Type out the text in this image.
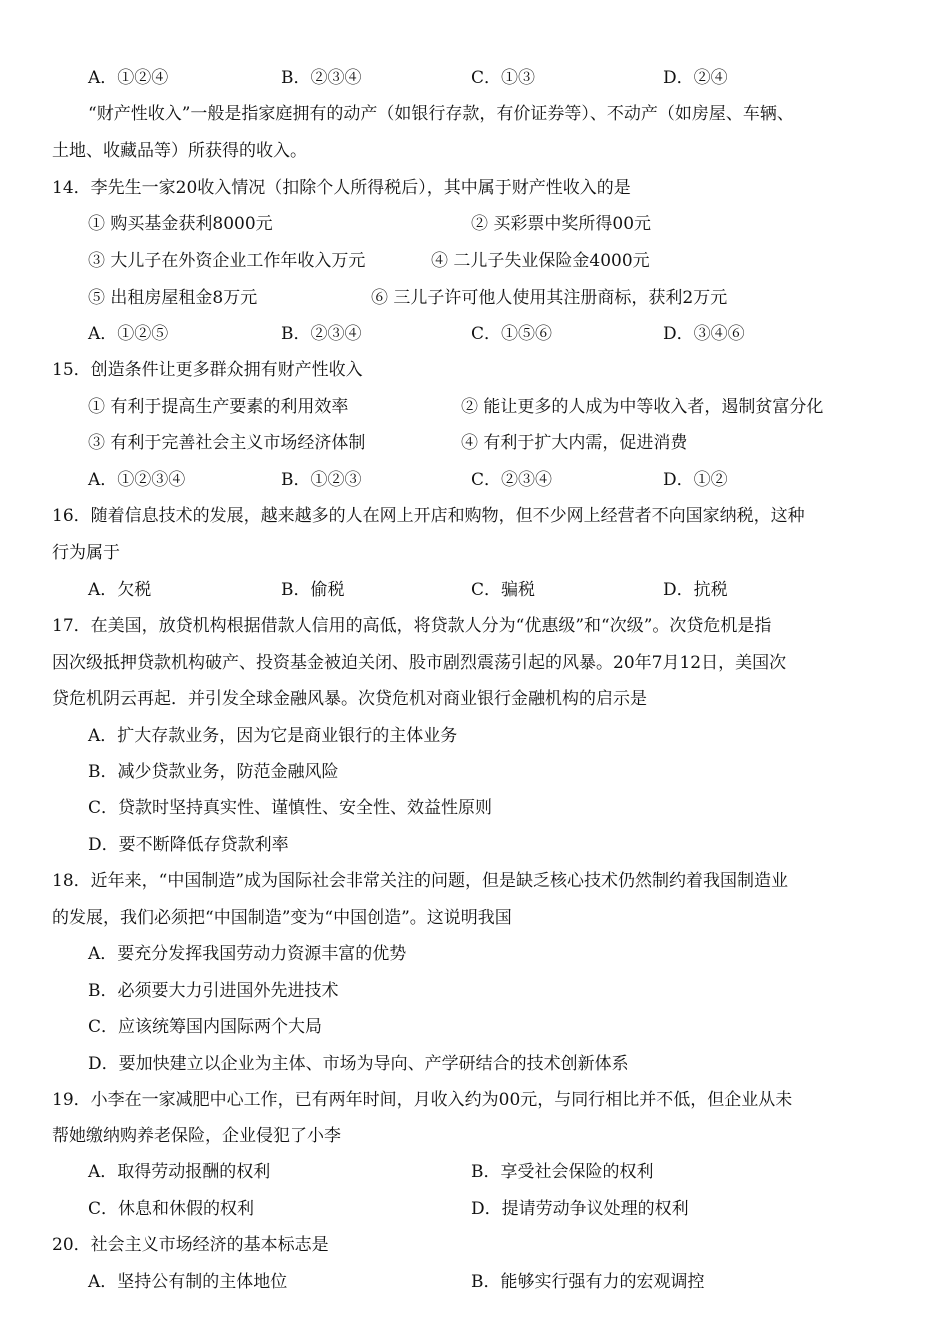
A．①②④	B．②③④	C．①③	D．②④
“财产性收入”一般是指家庭拥有的动产（如银行存款，有价证券等）、不动产（如房屋、车辆、
土地、收藏品等）所获得的收入。
14．李先生一家20收入情况（扣除个人所得税后），其中属于财产性收入的是
① 购买基金获利8000元	② 买彩票中奖所得00元
③ 大儿子在外资企业工作年收入万元	④ 二儿子失业保险金4000元
⑤ 出租房屋租金8万元	⑥ 三儿子许可他人使用其注册商标，获利2万元
A．①②⑤	B．②③④	C．①⑤⑥	D．③④⑥
15．创造条件让更多群众拥有财产性收入
① 有利于提高生产要素的利用效率	② 能让更多的人成为中等收入者，遏制贫富分化
③ 有利于完善社会主义市场经济体制	④ 有利于扩大内需，促进消费
A．①②③④	B．①②③	C．②③④	D．①②
16．随着信息技术的发展，越来越多的人在网上开店和购物，但不少网上经营者不向国家纳税，这种
行为属于
A．欠税	B．偷税	C．骗税	D．抗税
17．在美国，放贷机构根据借款人信用的高低，将贷款人分为“优惠级”和“次级”。次贷危机是指
因次级抵押贷款机构破产、投资基金被迫关闭、股市剧烈震荡引起的风暴。20年7月12日，美国次
贷危机阴云再起．并引发全球金融风暴。次贷危机对商业银行金融机构的启示是
A．扩大存款业务，因为它是商业银行的主体业务
B．减少贷款业务，防范金融风险
C．贷款时坚持真实性、谨慎性、安全性、效益性原则
D．要不断降低存贷款利率
18．近年来，“中国制造”成为国际社会非常关注的问题，但是缺乏核心技术仍然制约着我国制造业
的发展，我们必须把“中国制造”变为“中国创造”。这说明我国
A．要充分发挥我国劳动力资源丰富的优势
B．必须要大力引进国外先进技术
C．应该统筹国内国际两个大局
D．要加快建立以企业为主体、市场为导向、产学研结合的技术创新体系
19．小李在一家减肥中心工作，已有两年时间，月收入约为00元，与同行相比并不低，但企业从未
帮她缴纳购养老保险，企业侵犯了小李
A．取得劳动报酬的权利	B．享受社会保险的权利
C．休息和休假的权利	D．提请劳动争议处理的权利
20．社会主义市场经济的基本标志是
A．坚持公有制的主体地位	B．能够实行强有力的宏观调控
